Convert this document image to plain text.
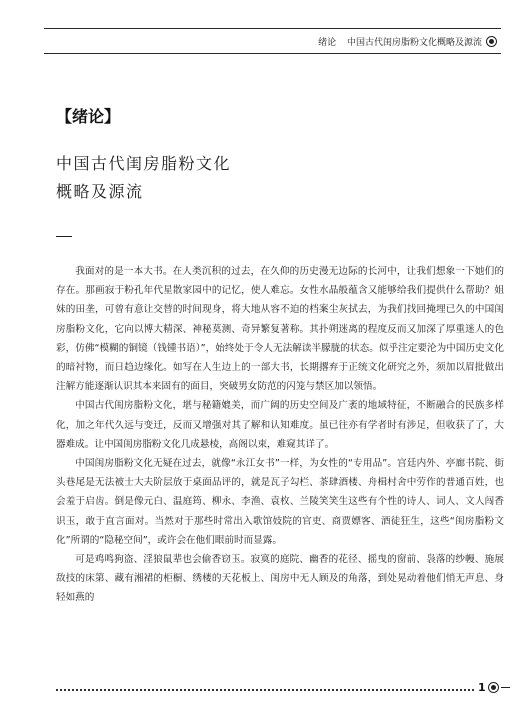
绪论
中国古代闺房脂粉文化概略及源流
【绪论】
中国古代闺房脂粉文化
概略及源流

我面对的是一本大书。在人类沉积的过去，在久仰的历史漫无边际的长河中，让我们想象一下她们的存在。那画寂于粉孔年代星散家园中的记忆，使人难忘。女性水晶般蕴含又能够给我们提供什么帮助？姐妹的田垄，可曾有意让交替的时间现身，将大地从容不迫的档案尘灰拭去，为我们找回掩埋已久的中国闺房脂粉文化，它向以博大精深、神秘莫测、奇异繁复著称。其扑朔迷离的程度反而又加深了厚重迷人的色彩，仿佛“模糊的铜镜（钱锺书语）”，始终处于令人无法解读半朦胧的状态。似乎注定要沦为中国历史文化的暗衬物，而日趋边缘化。如写在人生边上的一部大书，长期撂弃于正统文化研究之外，须加以眉批做出注解方能逐渐认识其本来固有的面目，突破男女防范的闪笼与禁区加以领悟。

中国古代闺房脂粉文化，堪与秘籍媲美，而广阔的历史空间及广袤的地域特征，不断融合的民族多样化，加之年代久远与变迁，反而又增强对其了解和认知难度。虽已往亦有学者时有涉足，但收获了了，大器难成。让中国闺房脂粉文化几成悬棱，高阁以束，难窥其详了。

中国闺房脂粉文化无疑在过去，就像“永江女书”一样，为女性的“专用品”。宫廷内外、亭廊书院、街头巷尾是无法被士大夫阶层放于桌面品评的，就是瓦子勾栏、茶肆酒楼、舟楫村舍中劳作的普通百姓，也会羞于启齿。倒是像元白、温庭筠、柳永、李渔、袁枚、兰陵笑笑生这些有个性的诗人、词人、文人闯香识玉，敢于直言面对。当然对于那些时常出入歌馆妓院的官吏、商贾嫖客、酒徒狂生，这些“闺房脂粉文化”所谓的“隐秘空间”，或许会在他们眼前时而显露。

可是鸡鸣狗盗、淫狼鼠辈也会偷香窃玉。寂寞的庭院、幽香的花径、摇曳的窗前、袅落的纱幔、施展敌技的床第、藏有湘裙的柜橱、绣楼的天花板上、闺房中无人顾及的角落，到处晃动着他们悄无声息、身轻如燕的

1
